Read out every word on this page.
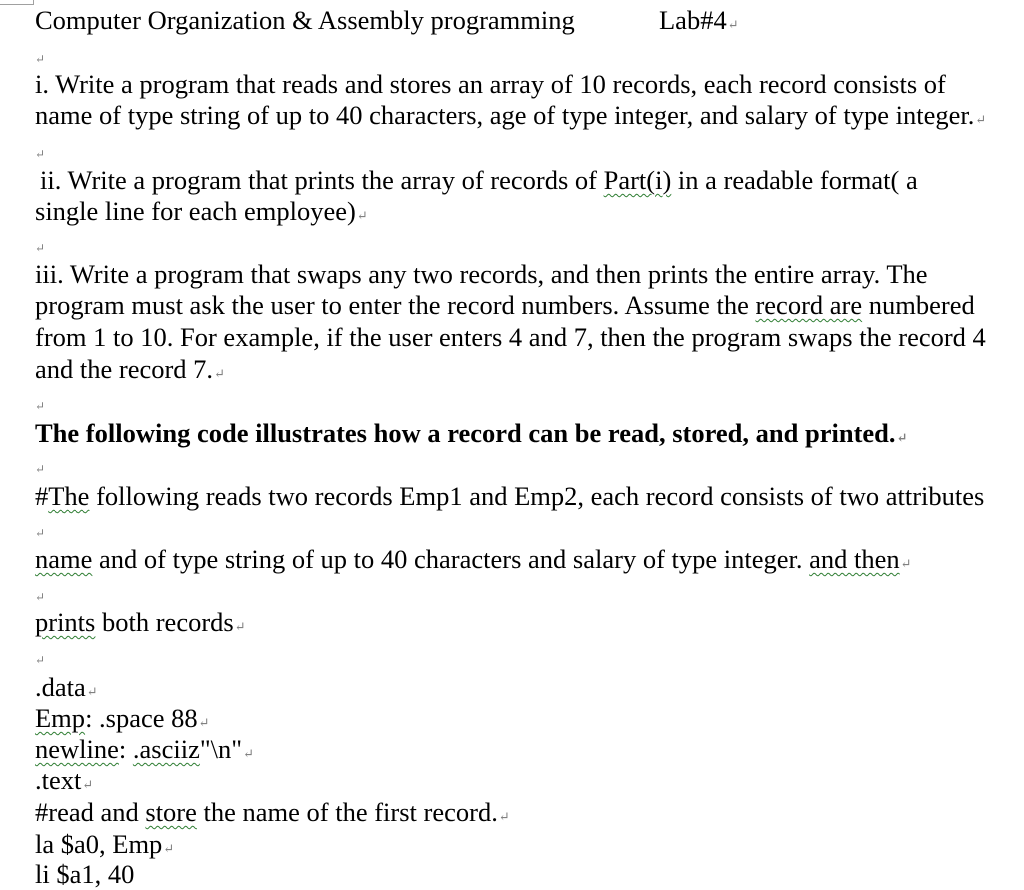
Computer Organization & Assembly programming	Lab#4↵
↵
i. Write a program that reads and stores an array of 10 records, each record consists of
name of type string of up to 40 characters, age of type integer, and salary of type integer.↵
↵
ii. Write a program that prints the array of records of Part(i) in a readable format( a
single line for each employee)↵
↵
iii. Write a program that swaps any two records, and then prints the entire array. The
program must ask the user to enter the record numbers. Assume the record are numbered
from 1 to 10. For example, if the user enters 4 and 7, then the program swaps the record 4
and the record 7.↵
↵
The following code illustrates how a record can be read, stored, and printed.↵
↵
#The following reads two records Emp1 and Emp2, each record consists of two attributes
↵
name and of type string of up to 40 characters and salary of type integer. and then↵
↵
prints both records↵
↵
.data↵
Emp: .space 88↵
newline: .asciiz"\n"↵
.text↵
#read and store the name of the first record.↵
la $a0, Emp↵
li $a1, 40
